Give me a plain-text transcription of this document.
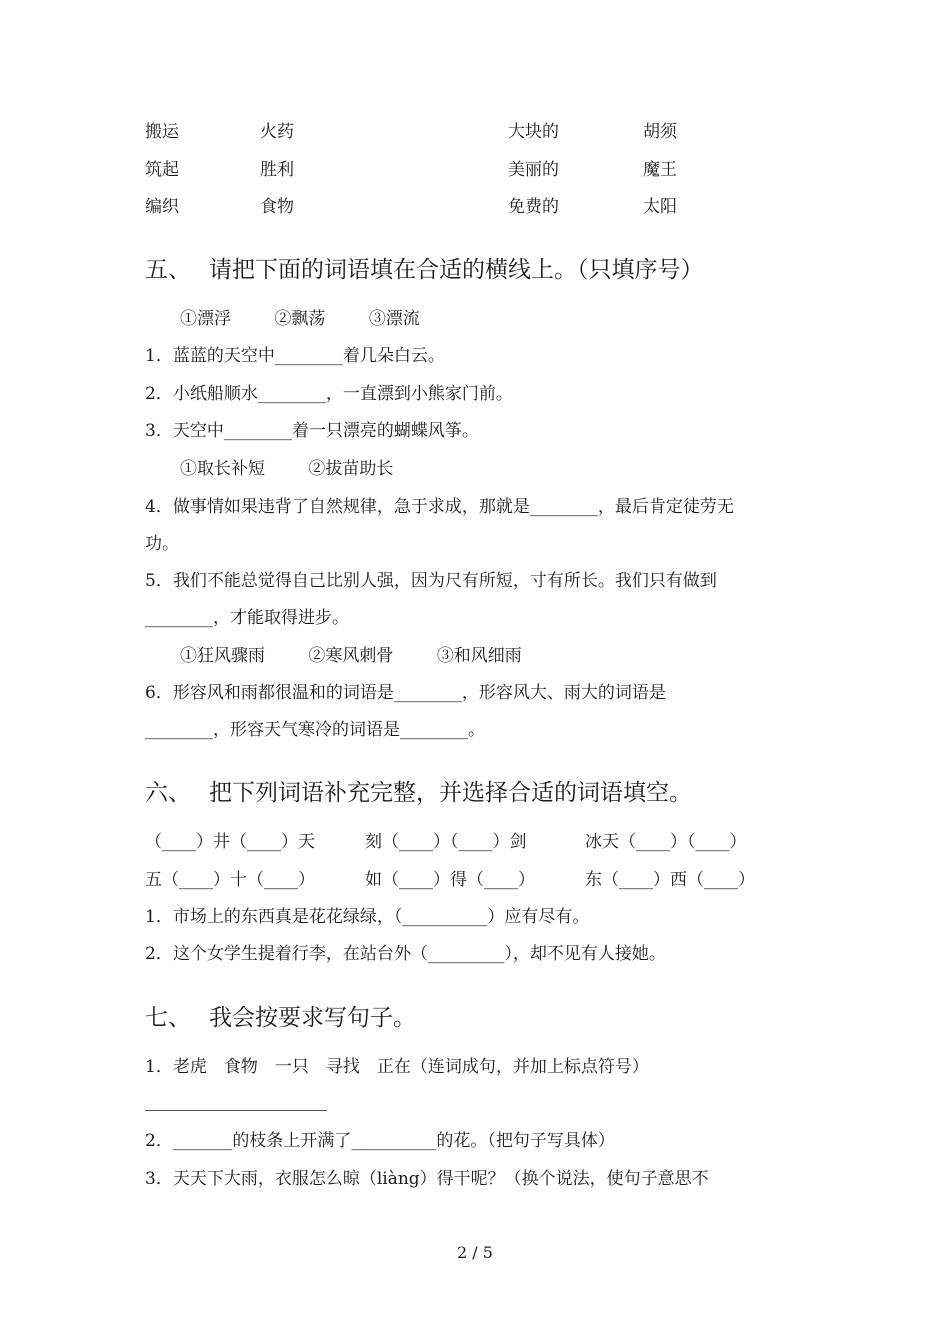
搬运	火药	大块的	胡须
筑起	胜利	美丽的	魔王
编织	食物	免费的	太阳
五、 请把下面的词语填在合适的横线上。（只填序号）
①漂浮	②飘荡	③漂流
1．蓝蓝的天空中________着几朵白云。
2．小纸船顺水________，一直漂到小熊家门前。
3．天空中________着一只漂亮的蝴蝶风筝。
①取长补短	②拔苗助长
4．做事情如果违背了自然规律，急于求成，那就是________，最后肯定徒劳无
功。
5．我们不能总觉得自己比别人强，因为尺有所短，寸有所长。我们只有做到
________，才能取得进步。
①狂风骤雨	②寒风刺骨	③和风细雨
6．形容风和雨都很温和的词语是________，形容风大、雨大的词语是
________，形容天气寒冷的词语是________。
六、 把下列词语补充完整，并选择合适的词语填空。
（____）井（____）天	刻（____）（____）剑	冰天（____）（____）
五（____）十（____）	如（____）得（____）	东（____）西（____）
1．市场上的东西真是花花绿绿，（__________）应有尽有。
2．这个女学生提着行李，在站台外（_________），却不见有人接她。
七、 我会按要求写句子。
1．老虎　食物　一只　寻找　正在（连词成句，并加上标点符号）
2．_______的枝条上开满了__________的花。（把句子写具体）
3．天天下大雨，衣服怎么晾（liàng）得干呢？（换个说法，使句子意思不
2 / 5
